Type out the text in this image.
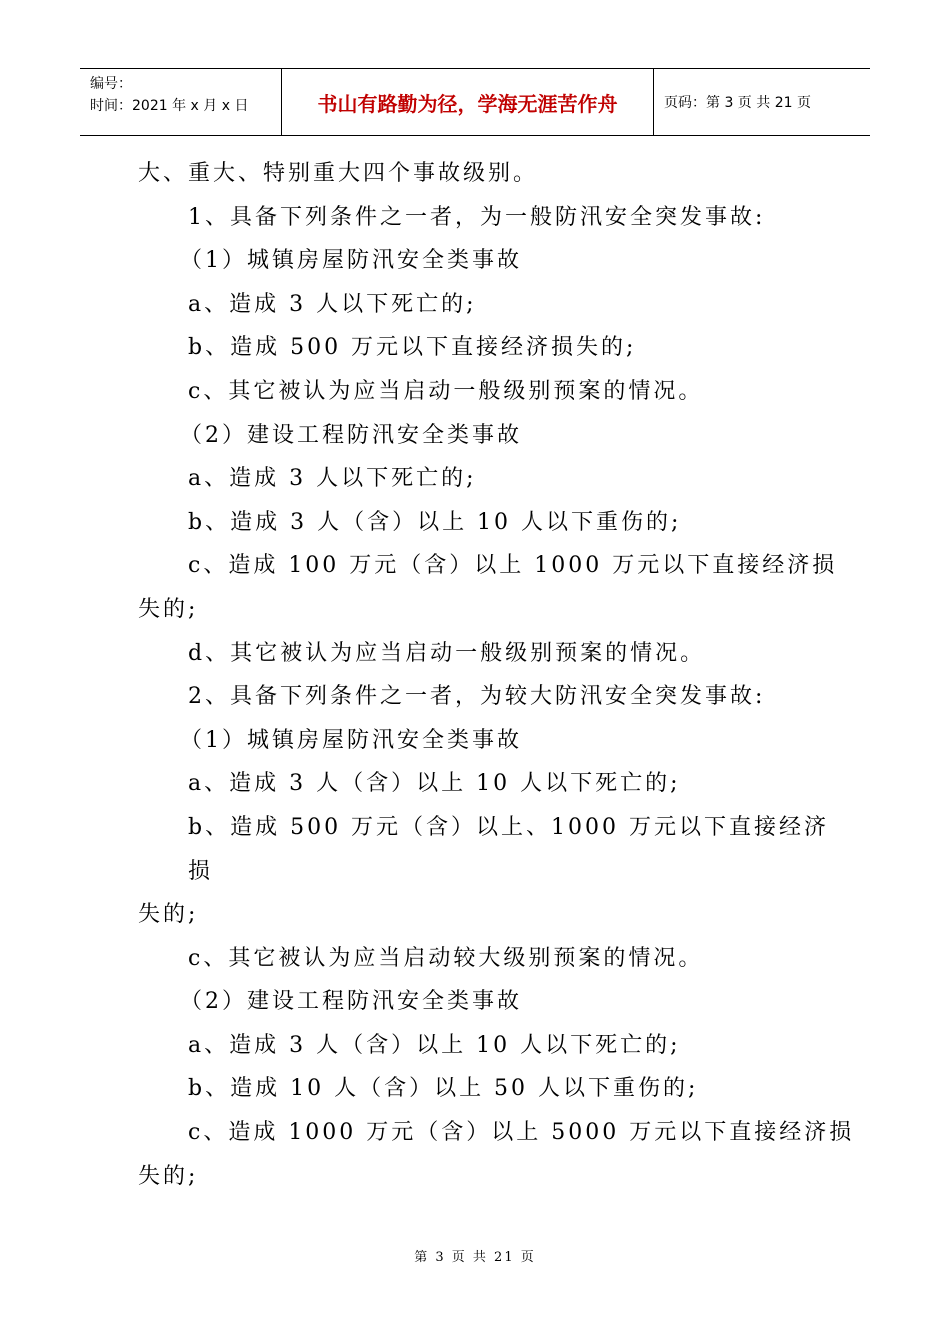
编号：
时间：2021 年 x 月 x 日	书山有路勤为径，学海无涯苦作舟	页码：第 3 页 共 21 页
大、重大、特别重大四个事故级别。
1、具备下列条件之一者，为一般防汛安全突发事故:
（1）城镇房屋防汛安全类事故
a、造成 3 人以下死亡的;
b、造成 500 万元以下直接经济损失的;
c、其它被认为应当启动一般级别预案的情况。
（2）建设工程防汛安全类事故
a、造成 3 人以下死亡的;
b、造成 3 人（含）以上 10 人以下重伤的;
c、造成 100 万元（含）以上 1000 万元以下直接经济损
失的;
d、其它被认为应当启动一般级别预案的情况。
2、具备下列条件之一者，为较大防汛安全突发事故:
（1）城镇房屋防汛安全类事故
a、造成 3 人（含）以上 10 人以下死亡的;
b、造成 500 万元（含）以上、1000 万元以下直接经济
损
失的;
c、其它被认为应当启动较大级别预案的情况。
（2）建设工程防汛安全类事故
a、造成 3 人（含）以上 10 人以下死亡的;
b、造成 10 人（含）以上 50 人以下重伤的;
c、造成 1000 万元（含）以上 5000 万元以下直接经济损
失的;
第 3 页 共 21 页
